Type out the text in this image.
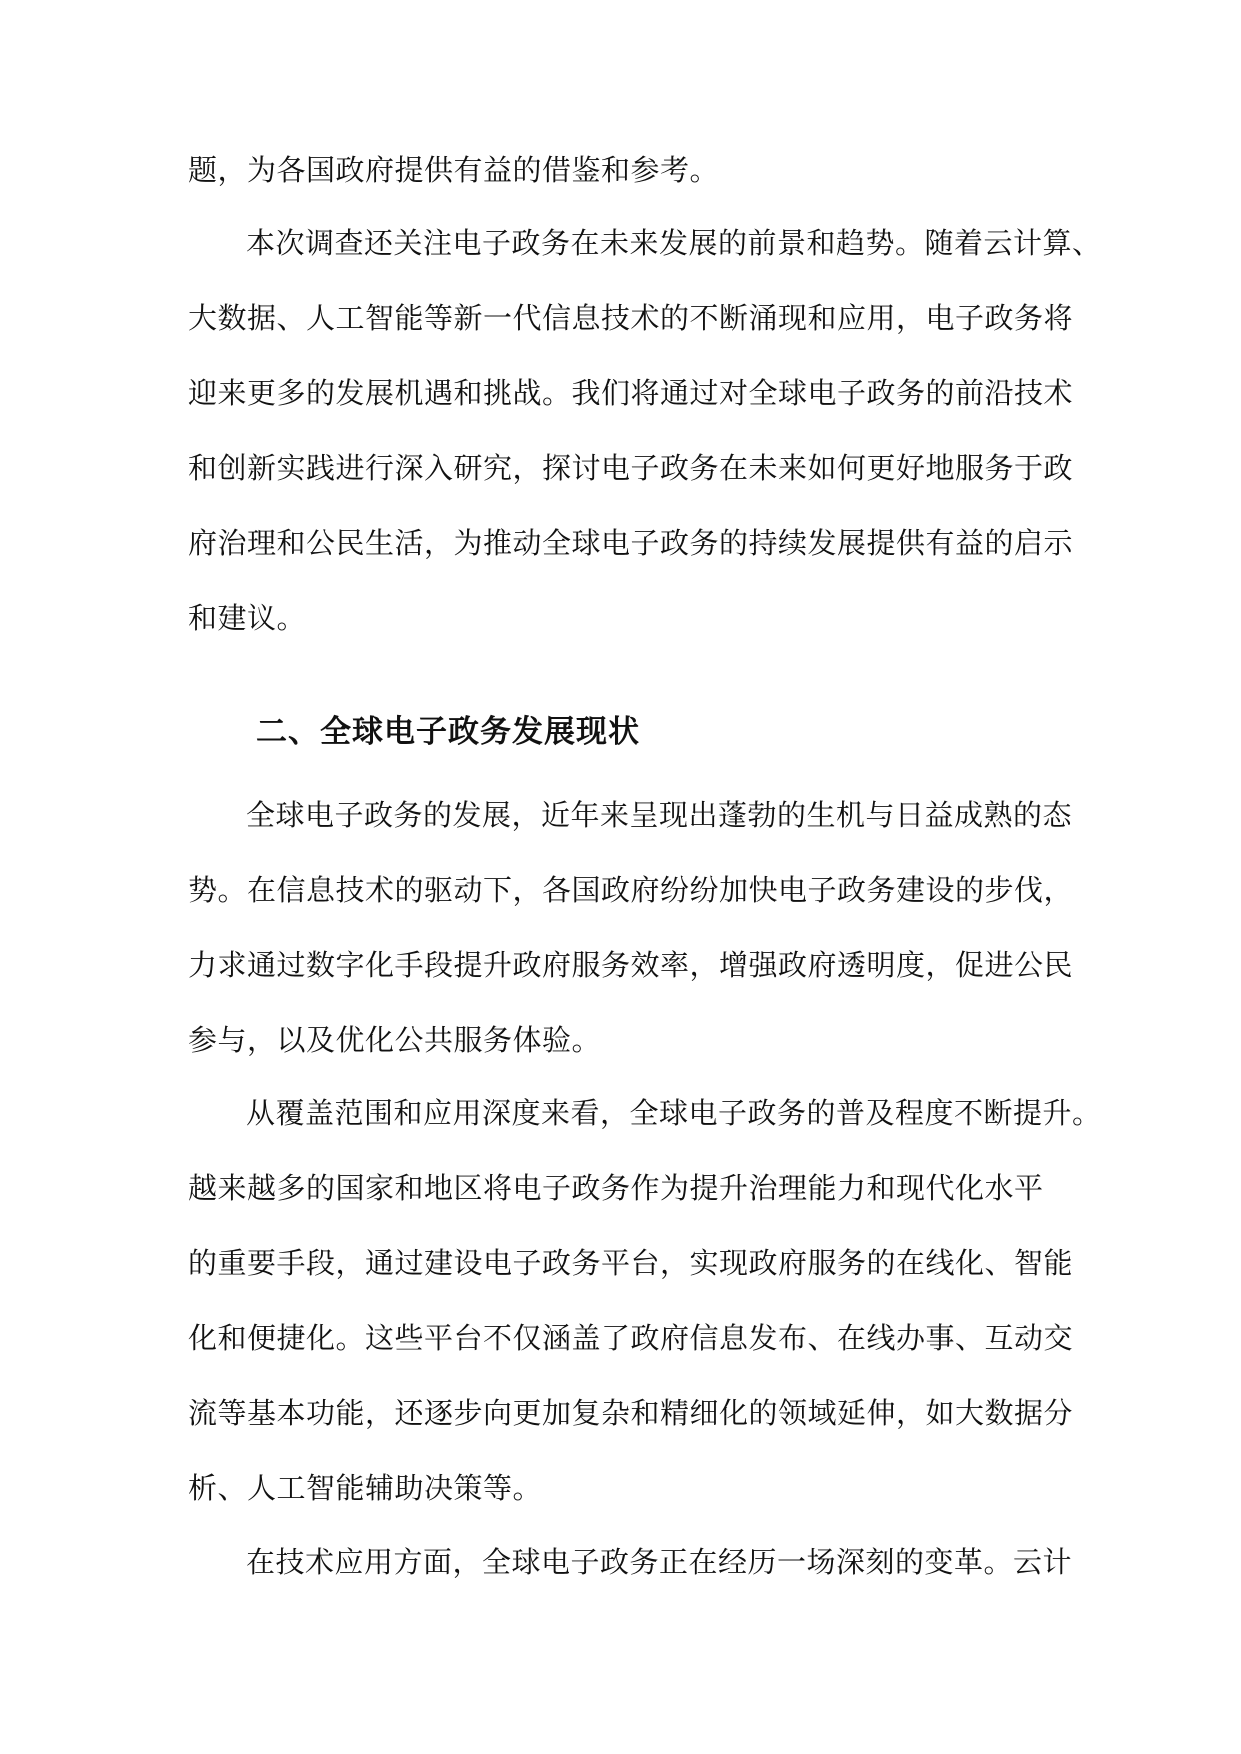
题，为各国政府提供有益的借鉴和参考。
本次调查还关注电子政务在未来发展的前景和趋势。随着云计算、
大数据、人工智能等新一代信息技术的不断涌现和应用，电子政务将
迎来更多的发展机遇和挑战。我们将通过对全球电子政务的前沿技术
和创新实践进行深入研究，探讨电子政务在未来如何更好地服务于政
府治理和公民生活，为推动全球电子政务的持续发展提供有益的启示
和建议。
二、全球电子政务发展现状
全球电子政务的发展，近年来呈现出蓬勃的生机与日益成熟的态
势。在信息技术的驱动下，各国政府纷纷加快电子政务建设的步伐，
力求通过数字化手段提升政府服务效率，增强政府透明度，促进公民
参与，以及优化公共服务体验。
从覆盖范围和应用深度来看，全球电子政务的普及程度不断提升。
越来越多的国家和地区将电子政务作为提升治理能力和现代化水平
的重要手段，通过建设电子政务平台，实现政府服务的在线化、智能
化和便捷化。这些平台不仅涵盖了政府信息发布、在线办事、互动交
流等基本功能，还逐步向更加复杂和精细化的领域延伸，如大数据分
析、人工智能辅助决策等。
在技术应用方面，全球电子政务正在经历一场深刻的变革。云计
